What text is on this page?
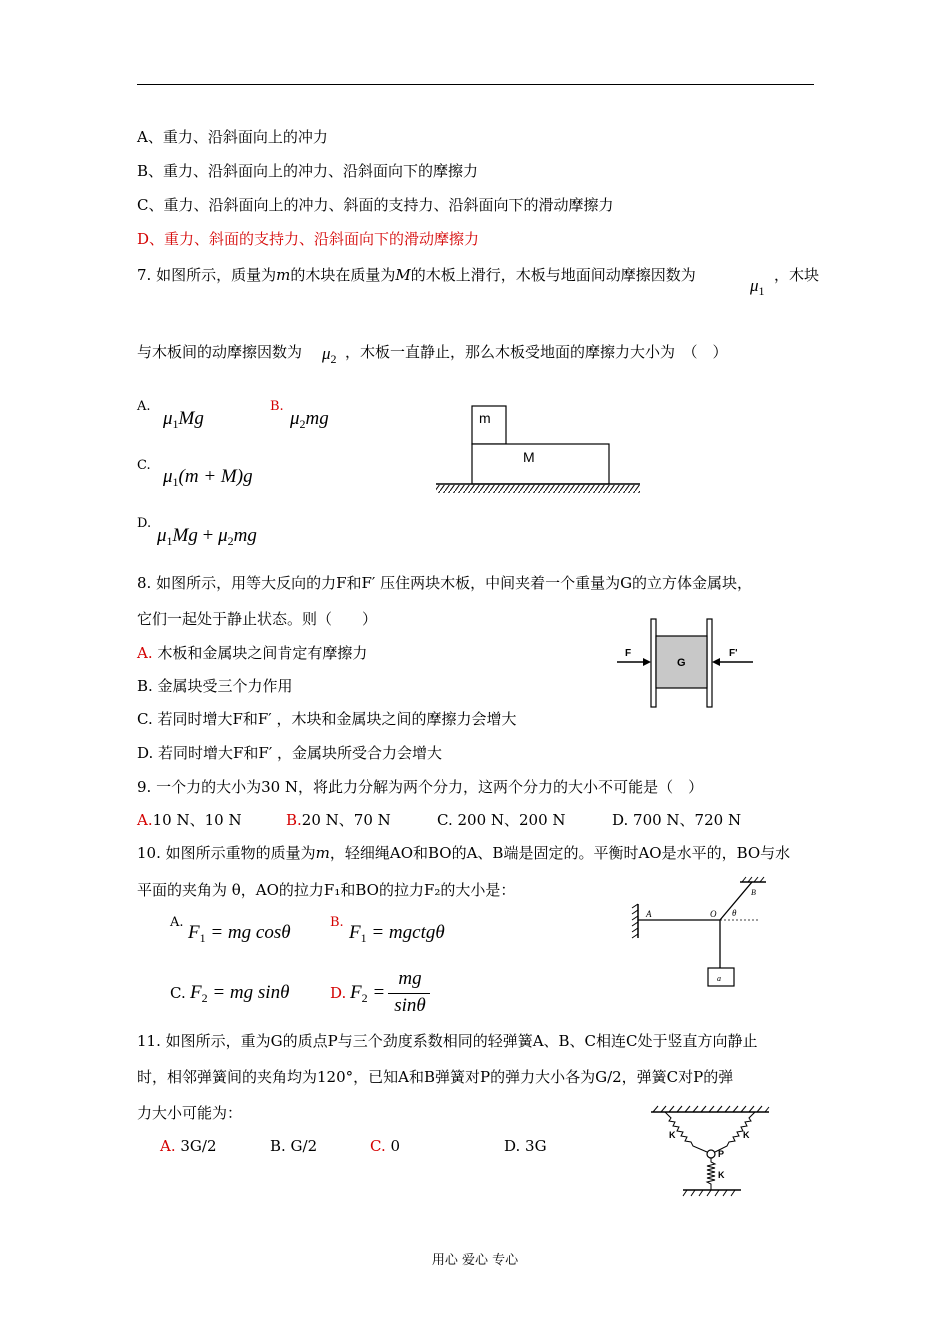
A、重力、沿斜面向上的冲力
B、重力、沿斜面向上的冲力、沿斜面向下的摩擦力
C、重力、沿斜面向上的冲力、斜面的支持力、沿斜面向下的滑动摩擦力
D、重力、斜面的支持力、沿斜面向下的滑动摩擦力
7. 如图所示，质量为m的木块在质量为M的木板上滑行，木板与地面间动摩擦因数为
$\mu_1$
，木块
与木板间的动摩擦因数为 $\mu_2$ ，木板一直静止，那么木板受地面的摩擦力大小为　（　）
A.
$\mu_1Mg$
B.
$\mu_2mg$
C.
$\mu_1(m + M)g$
D.
$\mu_1Mg + \mu_2mg$
m
M
8. 如图所示，用等大反向的力F和F′ 压住两块木板，中间夹着一个重量为G的立方体金属块，
它们一起处于静止状态。则（　　）
A. 木板和金属块之间肯定有摩擦力
B. 金属块受三个力作用
C. 若同时增大F和F′ ，木块和金属块之间的摩擦力会增大
D. 若同时增大F和F′ ，金属块所受合力会增大
F
G
F'
9. 一个力的大小为30 N，将此力分解为两个分力，这两个分力的大小不可能是（　）
A.10 N、10 N	B.20 N、70 N	C. 200 N、200 N	D. 700 N、720 N
10. 如图所示重物的质量为m，轻细绳AO和BO的A、B端是固定的。平衡时AO是水平的，BO与水
平面的夹角为 θ，AO的拉力F₁和BO的拉力F₂的大小是：
A. $F_1$ = mg cosθ	B. $F_1$ = mgctgθ
C. $F_2$ = mg sinθ	D. $F_2$ =
mg
sinθ
A	O
B
θ
a
11. 如图所示，重为G的质点P与三个劲度系数相同的轻弹簧A、B、C相连C处于竖直方向静止
时，相邻弹簧间的夹角均为120°，已知A和B弹簧对P的弹力大小各为G/2，弹簧C对P的弹
力大小可能为：
A. 3G/2	B. G/2	C. 0	D. 3G
K	K
P
K
用心 爱心 专心
